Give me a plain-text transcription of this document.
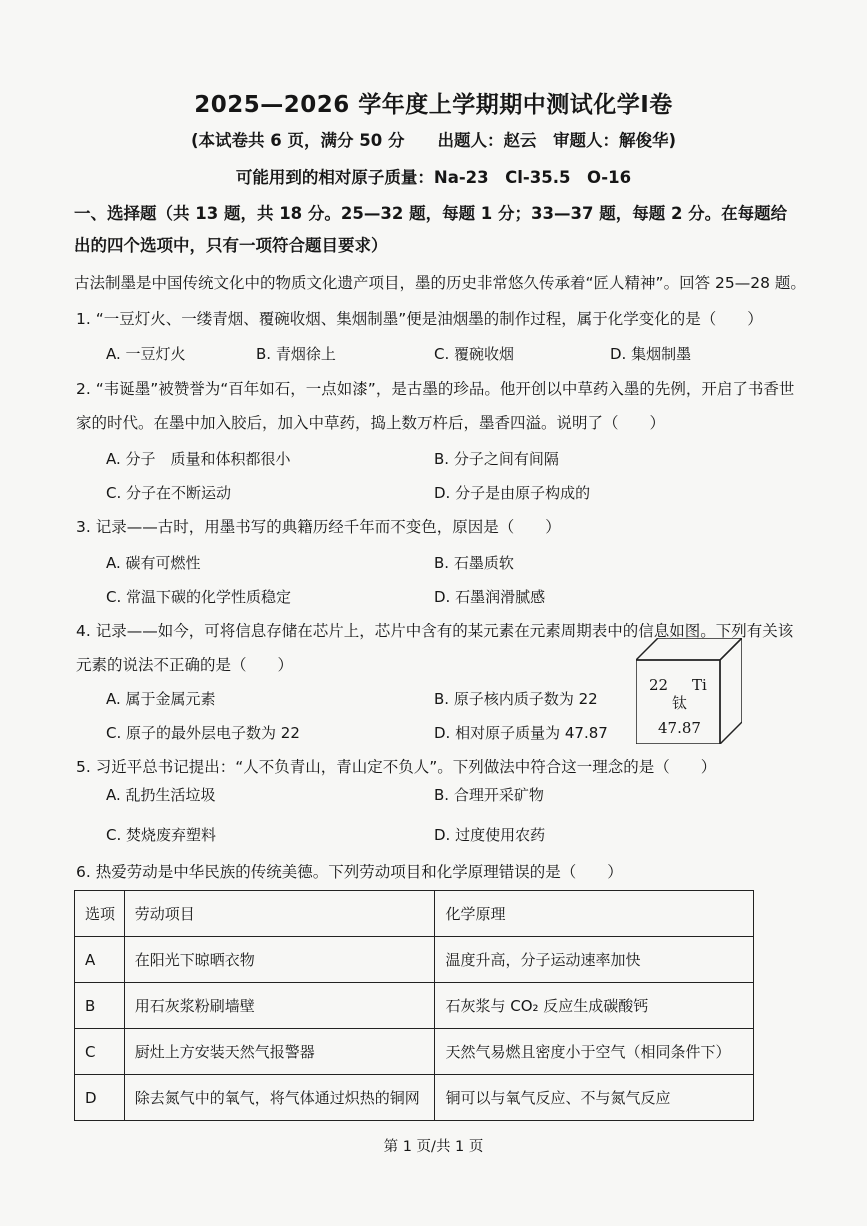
2025—2026 学年度上学期期中测试化学Ⅰ卷
(本试卷共 6 页，满分 50 分　　出题人：赵云　审题人：解俊华)
可能用到的相对原子质量：Na-23　Cl-35.5　O-16
一、选择题（共 13 题，共 18 分。25—32 题，每题 1 分；33—37 题，每题 2 分。在每题给
出的四个选项中，只有一项符合题目要求）
古法制墨是中国传统文化中的物质文化遗产项目，墨的历史非常悠久传承着“匠人精神”。回答 25—28 题。
1. “一豆灯火、一缕青烟、覆碗收烟、集烟制墨”便是油烟墨的制作过程，属于化学变化的是（　　）
A. 一豆灯火	B. 青烟徐上	C. 覆碗收烟	D. 集烟制墨
2. “韦诞墨”被赞誉为“百年如石，一点如漆”，是古墨的珍品。他开创以中草药入墨的先例，开启了书香世
家的时代。在墨中加入胶后，加入中草药，捣上数万杵后，墨香四溢。说明了（　　）
A. 分子　质量和体积都很小	B. 分子之间有间隔
C. 分子在不断运动	D. 分子是由原子构成的
3. 记录——古时，用墨书写的典籍历经千年而不变色，原因是（　　）
A. 碳有可燃性	B. 石墨质软
C. 常温下碳的化学性质稳定	D. 石墨润滑腻感
4. 记录——如今，可将信息存储在芯片上，芯片中含有的某元素在元素周期表中的信息如图。下列有关该
元素的说法不正确的是（　　）
A. 属于金属元素	B. 原子核内质子数为 22
C. 原子的最外层电子数为 22	D. 相对原子质量为 47.87
22 Ti
钛
47.87
5. 习近平总书记提出：“人不负青山，青山定不负人”。下列做法中符合这一理念的是（　　）
A. 乱扔生活垃圾	B. 合理开采矿物
C. 焚烧废弃塑料	D. 过度使用农药
6. 热爱劳动是中华民族的传统美德。下列劳动项目和化学原理错误的是（　　）
选项	劳动项目	化学原理
A	在阳光下晾晒衣物	温度升高，分子运动速率加快
B	用石灰浆粉刷墙壁	石灰浆与 CO₂ 反应生成碳酸钙
C	厨灶上方安装天然气报警器	天然气易燃且密度小于空气（相同条件下）
D	除去氮气中的氧气，将气体通过炽热的铜网	铜可以与氧气反应、不与氮气反应
第 1 页/共 1 页
